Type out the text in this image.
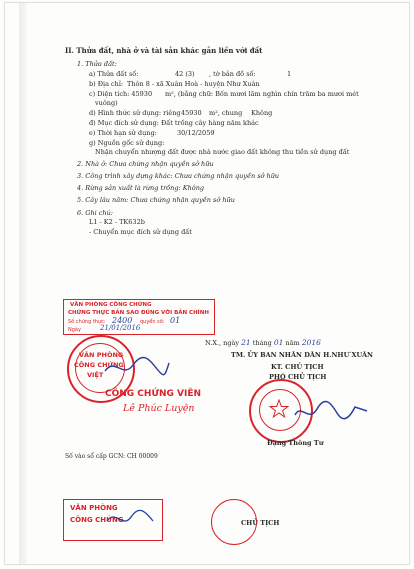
II. Thửa đất, nhà ở và tài sản khác gắn liền với đất
1. Thửa đất:
a) Thửa đất số:	42 (3) , tờ bản đồ số:	1
b) Địa chỉ: Thôn 8 - xã Xuân Hoà - huyện Như Xuân
c) Diện tích: 45930 m², (bằng chữ: Bốn mươi lăm nghìn chín trăm ba mươi mét
vuông)
d) Hình thức sử dụng: riêng 45930 m², chung Không
đ) Mục đích sử dụng: Đất trồng cây hàng năm khác
e) Thời hạn sử dụng:	30/12/2059
g) Nguồn gốc sử dụng:
Nhận chuyển nhượng đất được nhà nước giao đất không thu tiền sử dụng đất
2. Nhà ở: Chưa chứng nhận quyền sở hữu
3. Công trình xây dựng khác: Chưa chứng nhận quyền sở hữu
4. Rừng sản xuất là rừng trồng: Không
5. Cây lâu năm: Chưa chứng nhận quyền sở hữu
6. Ghi chú:
L1 - K2 - TK632b
- Chuyển mục đích sử dụng đất
VĂN PHÒNG CÔNG CHỨNG
CHỨNG THỰC BẢN SAO ĐÚNG VỚI BẢN CHÍNH
Số chứng thực: 2400 quyển số: 01
Ngày	21/01/2016
VĂN PHÒNG
CÔNG CHỨNG
VIỆT
CÔNG CHỨNG VIÊN
Lê Phúc Luyện
N.X., ngày 21 tháng 01 năm 2016
TM. ỦY BAN NHÂN DÂN H.NHƯ XUÂN
KT. CHỦ TỊCH
PHÓ CHỦ TỊCH
Đặng Thông Tư
Số vào sổ cấp GCN: CH 00009
VĂN PHÒNG
CÔNG CHỨNG	CHỦ TỊCH
